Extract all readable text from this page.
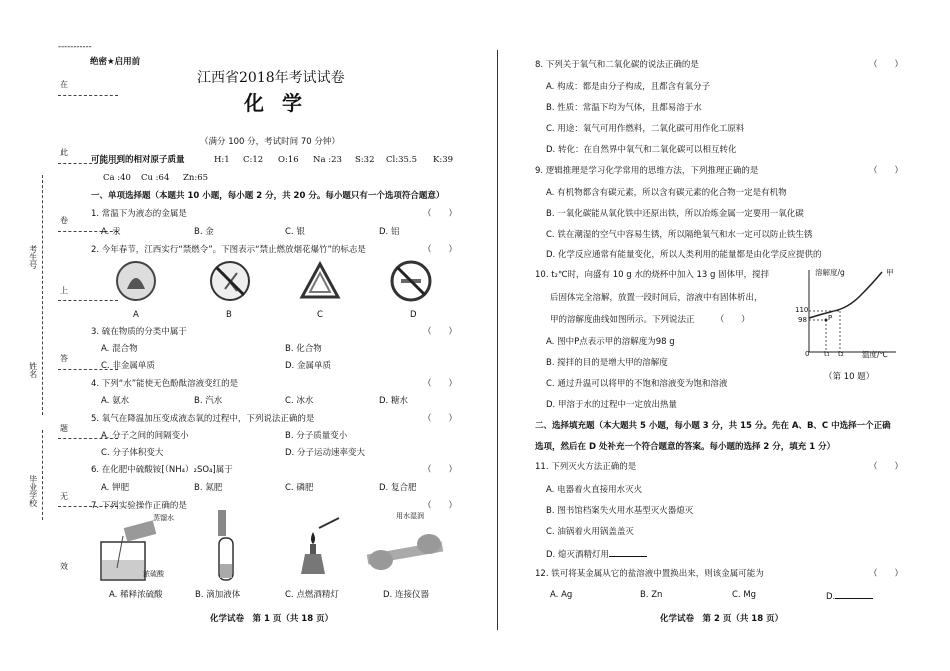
-----------
绝密★启用前
在
此
卷
上
答
题
无
效
考生号
姓名
毕业学校
江西省2018年考试试卷
化学
（满分 100 分，考试时间 70 分钟）
可能用到的相对原子质量	H:1 C:12 O:16 Na :23 S:32 Cl:35.5 K:39
Ca :40 Cu :64 Zn:65
一、单项选择题（本题共 10 小题，每小题 2 分，共 20 分。每小题只有一个选项符合题意）
1. 常温下为液态的金属是	（　　）
A. 汞	B. 金	C. 银	D. 铝
2. 今年春节，江西实行“禁燃令”。下图表示“禁止燃放烟花爆竹”的标志是	（　　）
A	B	C	D
3. 硫在物质的分类中属于	（　　）
A. 混合物	B. 化合物
C. 非金属单质	D. 金属单质
4. 下列“水”能使无色酚酞溶液变红的是	（　　）
A. 氨水	B. 汽水	C. 冰水	D. 糖水
5. 氧气在降温加压变成液态氧的过程中，下列说法正确的是	（　　）
A. 分子之间的间隔变小	B. 分子质量变小
C. 分子体积变大	D. 分子运动速率变大
6. 在化肥中硫酸铵[（NH₄）₂SO₄]属于	（　　）
A. 钾肥	B. 氮肥	C. 磷肥	D. 复合肥
7. 下列实验操作正确的是	（　　）
蒸馏水
浓硫酸
用水湿润
A. 稀释浓硫酸	B. 滴加液体	C. 点燃酒精灯	D. 连接仪器
化学试卷　第 1 页（共 18 页）
8. 下列关于氧气和二氧化碳的说法正确的是	（　　）
A. 构成：都是由分子构成，且都含有氧分子
B. 性质：常温下均为气体，且都易溶于水
C. 用途：氧气可用作燃料，二氧化碳可用作化工原料
D. 转化：在自然界中氧气和二氧化碳可以相互转化
9. 逻辑推理是学习化学常用的思维方法，下列推理正确的是	（　　）
A. 有机物都含有碳元素，所以含有碳元素的化合物一定是有机物
B. 一氧化碳能从氧化铁中还原出铁，所以冶炼金属一定要用一氧化碳
C. 铁在潮湿的空气中容易生锈，所以隔绝氧气和水一定可以防止铁生锈
D. 化学反应通常有能量变化，所以人类利用的能量都是由化学反应提供的
10. t₂℃时，向盛有 10 g 水的烧杯中加入 13 g 固体甲，搅拌
后固体完全溶解，放置一段时间后，溶液中有固体析出，
甲的溶解度曲线如图所示。下列说法正　　　（　　）
A. 图中P点表示甲的溶解度为98 g
B. 搅拌的目的是增大甲的溶解度
C. 通过升温可以将甲的不饱和溶液变为饱和溶液
D. 甲溶于水的过程中一定放出热量
溶解度/g	甲
110
98	P
0 t₁ t₂ 温度/℃
（第 10 题）
二、选择填充题（本大题共 5 小题，每小题 3 分，共 15 分。先在 A、B、C 中选择一个正确
选项，然后在 D 处补充一个符合题意的答案。每小题的选择 2 分，填充 1 分）
11. 下列灭火方法正确的是	（　　）
A. 电器着火直接用水灭火
B. 图书馆档案失火用水基型灭火器熄灭
C. 油锅着火用锅盖盖灭
D. 熄灭酒精灯用
12. 铁可将某金属从它的盐溶液中置换出来，则该金属可能为	（　　）
A. Ag	B. Zn	C. Mg	D.
化学试卷　第 2 页（共 18 页）
